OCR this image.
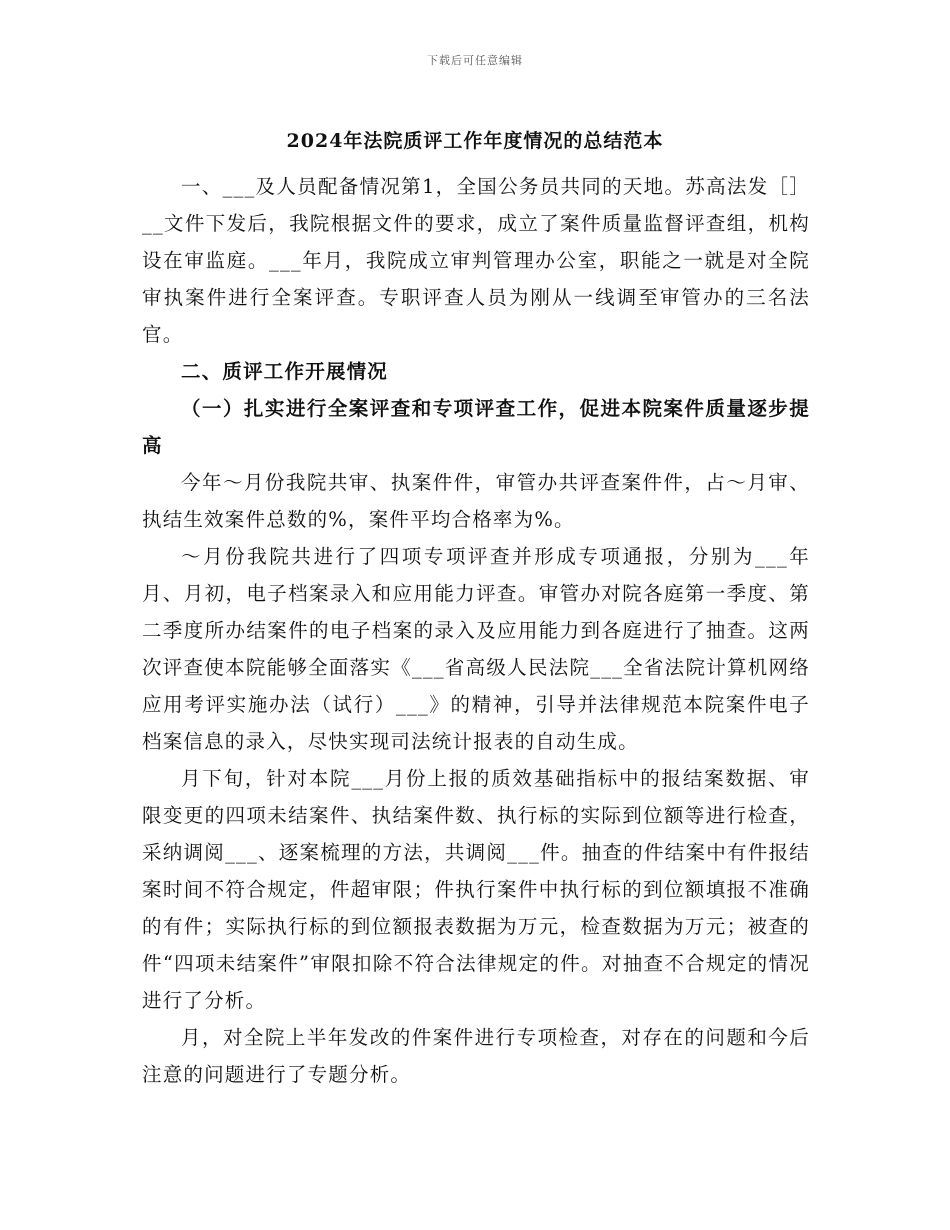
下载后可任意编辑
2024年法院质评工作年度情况的总结范本

一、___及人员配备情况第1，全国公务员共同的天地。苏高法发［］__文件下发后，我院根据文件的要求，成立了案件质量监督评查组，机构设在审监庭。___年月，我院成立审判管理办公室，职能之一就是对全院审执案件进行全案评查。专职评查人员为刚从一线调至审管办的三名法官。

二、质评工作开展情况

（一）扎实进行全案评查和专项评查工作，促进本院案件质量逐步提高

今年～月份我院共审、执案件件，审管办共评查案件件，占～月审、执结生效案件总数的%，案件平均合格率为%。

～月份我院共进行了四项专项评查并形成专项通报，分别为___年月、月初，电子档案录入和应用能力评查。审管办对院各庭第一季度、第二季度所办结案件的电子档案的录入及应用能力到各庭进行了抽查。这两次评查使本院能够全面落实《___省高级人民法院___全省法院计算机网络应用考评实施办法（试行）___》的精神，引导并法律规范本院案件电子档案信息的录入，尽快实现司法统计报表的自动生成。

月下旬，针对本院___月份上报的质效基础指标中的报结案数据、审限变更的四项未结案件、执结案件数、执行标的实际到位额等进行检查，采纳调阅___、逐案梳理的方法，共调阅___件。抽查的件结案中有件报结案时间不符合规定，件超审限；件执行案件中执行标的到位额填报不准确的有件；实际执行标的到位额报表数据为万元，检查数据为万元；被查的件“四项未结案件”审限扣除不符合法律规定的件。对抽查不合规定的情况进行了分析。

月，对全院上半年发改的件案件进行专项检查，对存在的问题和今后注意的问题进行了专题分析。
